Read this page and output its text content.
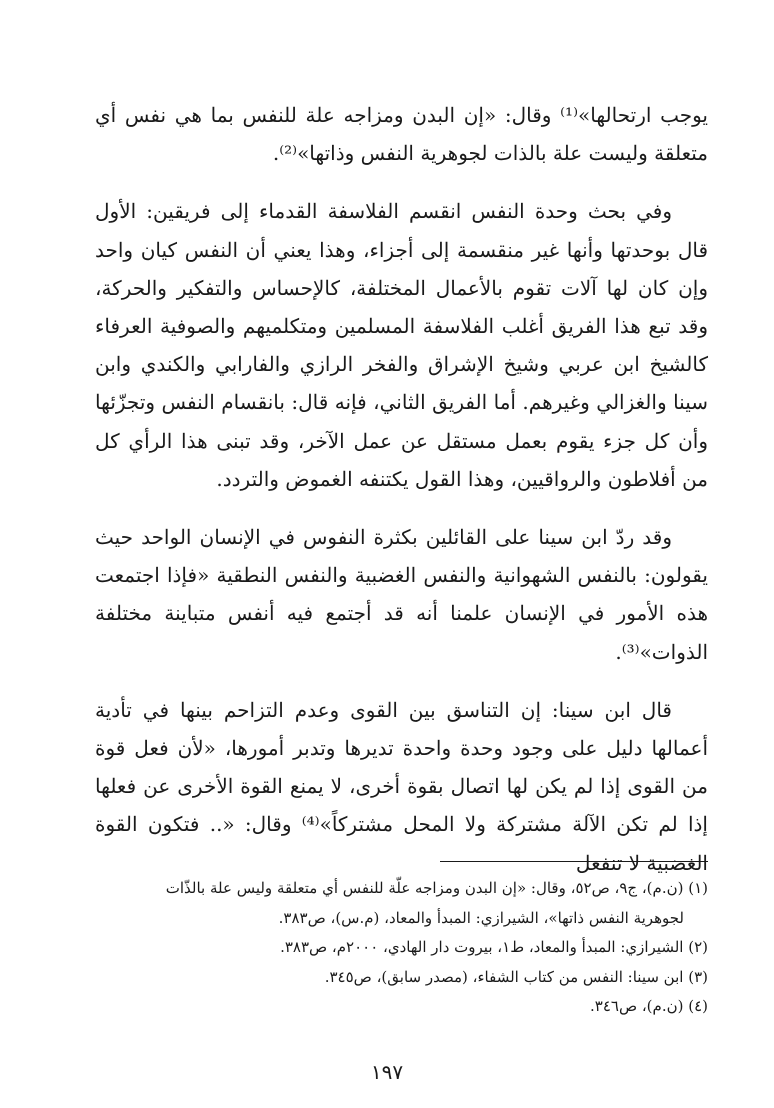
يوجب ارتحالها»⁽¹⁾ وقال: «إن البدن ومزاجه علة للنفس بما هي نفس أي متعلقة وليست علة بالذات لجوهرية النفس وذاتها»⁽²⁾.

وفي بحث وحدة النفس انقسم الفلاسفة القدماء إلى فريقين: الأول قال بوحدتها وأنها غير منقسمة إلى أجزاء، وهذا يعني أن النفس كيان واحد وإن كان لها آلات تقوم بالأعمال المختلفة، كالإحساس والتفكير والحركة، وقد تبع هذا الفريق أغلب الفلاسفة المسلمين ومتكلميهم والصوفية العرفاء كالشيخ ابن عربي وشيخ الإشراق والفخر الرازي والفارابي والكندي وابن سينا والغزالي وغيرهم. أما الفريق الثاني، فإنه قال: بانقسام النفس وتجزّئها وأن كل جزء يقوم بعمل مستقل عن عمل الآخر، وقد تبنى هذا الرأي كل من أفلاطون والرواقيين، وهذا القول يكتنفه الغموض والتردد.

وقد ردّ ابن سينا على القائلين بكثرة النفوس في الإنسان الواحد حيث يقولون: بالنفس الشهوانية والنفس الغضبية والنفس النطقية «فإذا اجتمعت هذه الأمور في الإنسان علمنا أنه قد أجتمع فيه أنفس متباينة مختلفة الذوات»⁽³⁾.

قال ابن سينا: إن التناسق بين القوى وعدم التزاحم بينها في تأدية أعمالها دليل على وجود وحدة واحدة تديرها وتدبر أمورها، «لأن فعل قوة من القوى إذا لم يكن لها اتصال بقوة أخرى، لا يمنع القوة الأخرى عن فعلها إذا لم تكن الآلة مشتركة ولا المحل مشتركاً»⁽⁴⁾ وقال: «.. فتكون القوة الغضبية لا تنفعل

(١) (ن.م)، ج٩، ص٥٢، وقال: «إن البدن ومزاجه علّة للنفس أي متعلقة وليس علة بالذّات

لجوهرية النفس ذاتها»، الشيرازي: المبدأ والمعاد، (م.س)، ص٣٨٣.

(٢) الشيرازي: المبدأ والمعاد، ط١، بيروت دار الهادي، ٢٠٠٠م، ص٣٨٣.

(٣) ابن سينا: النفس من كتاب الشفاء، (مصدر سابق)، ص٣٤٥.

(٤) (ن.م)، ص٣٤٦.

١٩٧
